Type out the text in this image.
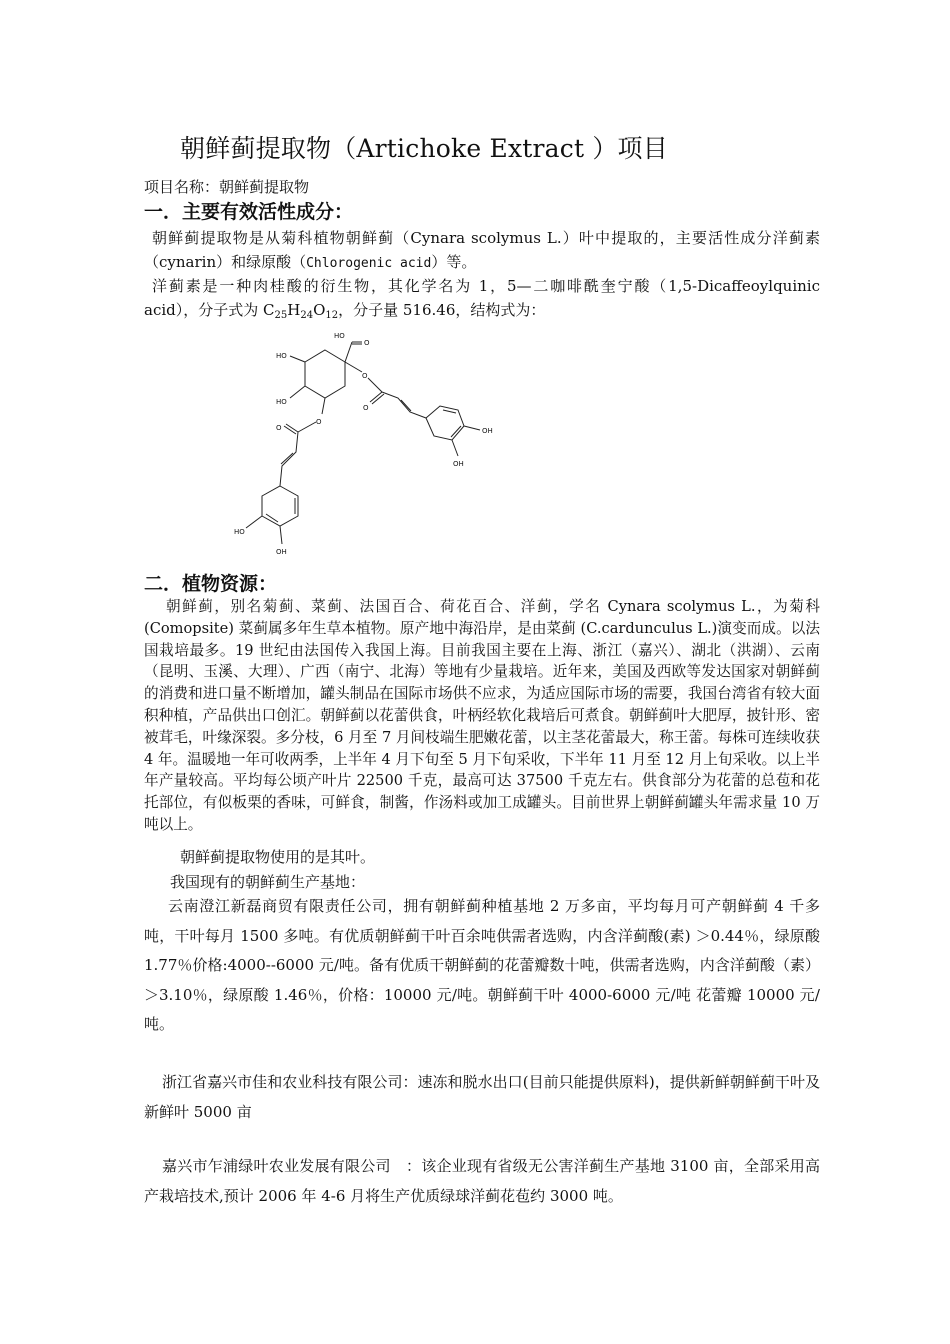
朝鲜蓟提取物（Artichoke Extract ）项目
项目名称：朝鲜蓟提取物
一．主要有效活性成分：
朝鲜蓟提取物是从菊科植物朝鲜蓟（Cynara scolymus L.）叶中提取的，主要活性成分洋蓟素（cynarin）和绿原酸（Chlorogenic acid）等。
洋蓟素是一种肉桂酸的衍生物，其化学名为 1，5—二咖啡酰奎宁酸（1,5-Dicaffeoylquinic acid），分子式为 $C_{25}H_{24}O_{12}$，分子量 516.46，结构式为：
HO
O
HO
HO
O
O
OH
OH
O
O
HO
OH
二．植物资源：
朝鲜蓟，别名菊蓟、菜蓟、法国百合、荷花百合、洋蓟，学名 Cynara scolymus L.，为菊科 (Comopsite) 菜蓟属多年生草本植物。原产地中海沿岸，是由菜蓟 (C.cardunculus L.)演变而成。以法国栽培最多。19 世纪由法国传入我国上海。目前我国主要在上海、浙江（嘉兴）、湖北（洪湖）、云南（昆明、玉溪、大理）、广西（南宁、北海）等地有少量栽培。近年来，美国及西欧等发达国家对朝鲜蓟的消费和进口量不断增加，罐头制品在国际市场供不应求，为适应国际市场的需要，我国台湾省有较大面积种植，产品供出口创汇。朝鲜蓟以花蕾供食，叶柄经软化栽培后可煮食。朝鲜蓟叶大肥厚，披针形、密被茸毛，叶缘深裂。多分枝，6 月至 7 月间枝端生肥嫩花蕾，以主茎花蕾最大，称王蕾。每株可连续收获 4 年。温暖地一年可收两季，上半年 4 月下旬至 5 月下旬采收，下半年 11 月至 12 月上旬采收。以上半年产量较高。平均每公顷产叶片 22500 千克，最高可达 37500 千克左右。供食部分为花蕾的总苞和花托部位，有似板栗的香味，可鲜食，制酱，作汤料或加工成罐头。目前世界上朝鲜蓟罐头年需求量 10 万吨以上。
朝鲜蓟提取物使用的是其叶。
我国现有的朝鲜蓟生产基地：
云南澄江新磊商贸有限责任公司，拥有朝鲜蓟种植基地 2 万多亩，平均每月可产朝鲜蓟 4 千多吨，干叶每月 1500 多吨。有优质朝鲜蓟干叶百余吨供需者选购，内含洋蓟酸(素) ＞0.44％，绿原酸 1.77％价格:4000--6000 元/吨。备有优质干朝鲜蓟的花蕾瓣数十吨，供需者选购，内含洋蓟酸（素）＞3.10％，绿原酸 1.46％，价格：10000 元/吨。朝鲜蓟干叶 4000-6000 元/吨 花蕾瓣 10000 元/吨。
浙江省嘉兴市佳和农业科技有限公司：速冻和脱水出口(目前只能提供原料)，提供新鲜朝鲜蓟干叶及新鲜叶 5000 亩
嘉兴市乍浦绿叶农业发展有限公司　：该企业现有省级无公害洋蓟生产基地 3100 亩，全部采用高产栽培技术,预计 2006 年 4-6 月将生产优质绿球洋蓟花苞约 3000 吨。
